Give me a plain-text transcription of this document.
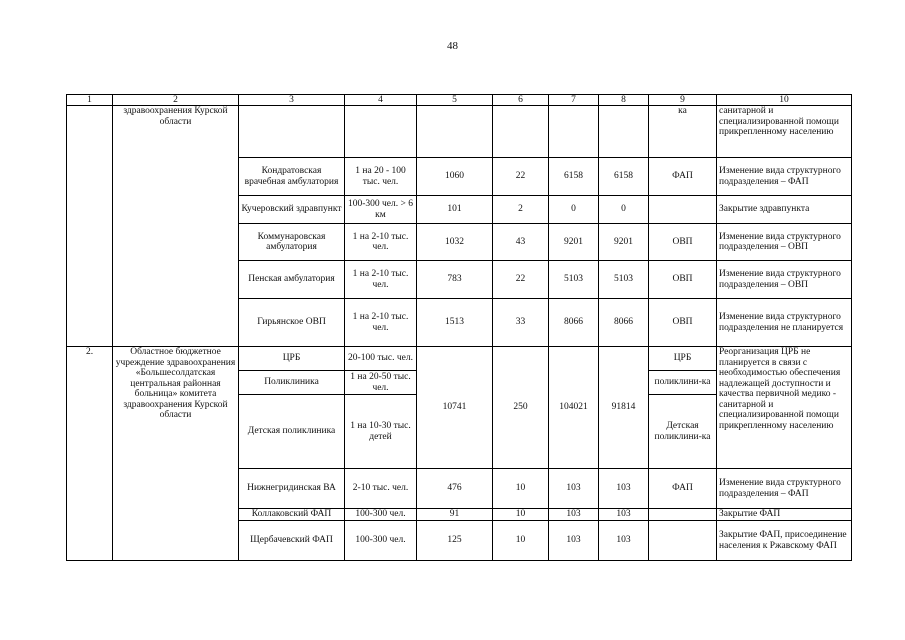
48
1	2	3	4	5	6	7	8	9	10
	здравоохранения Курской области							ка	санитарной и специализированной помощи прикрепленному населению
		Кондратовская врачебная амбулатория	1 на 20 - 100 тыс. чел.	1060	22	6158	6158	ФАП	Изменение вида структурного подразделения – ФАП
		Кучеровский здравпункт	100-300 чел. > 6 км	101	2	0	0		Закрытие здравпункта
		Коммунаровская амбулатория	1 на 2-10 тыс. чел.	1032	43	9201	9201	ОВП	Изменение вида структурного подразделения – ОВП
		Пенская амбулатория	1 на 2-10 тыс. чел.	783	22	5103	5103	ОВП	Изменение вида структурного подразделения – ОВП
		Гирьянское ОВП	1 на 2-10 тыс. чел.	1513	33	8066	8066	ОВП	Изменение вида структурного подразделения не планируется
2.	Областное бюджетное учреждение здравоохранения «Большесолдатская центральная районная больница» комитета здравоохранения Курской области	ЦРБ	20-100 тыс. чел.	10741	250	104021	91814	ЦРБ	Реорганизация ЦРБ не планируется в связи с необходимостью обеспечения надлежащей доступности и качества первичной медико - санитарной и специализированной помощи прикрепленному населению
		Поликлиника	1 на 20-50 тыс. чел.					поликлини-ка	
		Детская поликлиника	1 на 10-30 тыс. детей					Детская поликлини-ка	
		Нижнегридинская ВА	2-10 тыс. чел.	476	10	103	103	ФАП	Изменение вида структурного подразделения – ФАП
		Коллаковский ФАП	100-300 чел.	91	10	103	103		Закрытие ФАП
		Щербачевский ФАП	100-300 чел.	125	10	103	103		Закрытие ФАП, присоединение населения к Ржавскому ФАП
